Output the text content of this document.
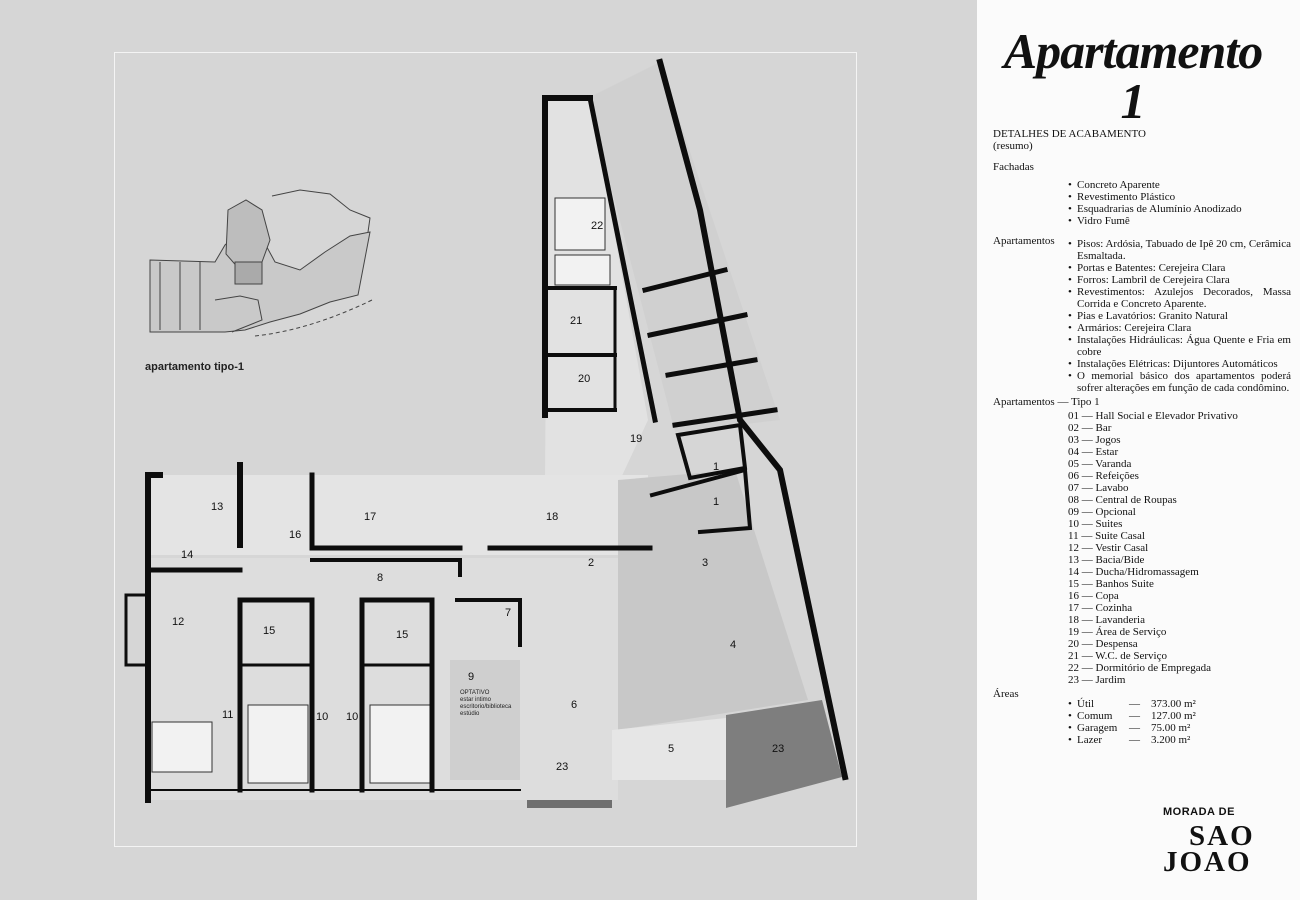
1
1
2	3
4
5
6
7
8
9
10 10
11
12
13
14
15	15
16
17	18
19
20
21
22
23
23
OPTATIVO
estar intimo
escritorio/biblioteca
estúdio
apartamento tipo-1
Apartamento
1
DETALHES DE ACABAMENTO
(resumo)
Fachadas
• Concreto Aparente
• Revestimento Plástico
• Esquadrarias de Alumínio Anodizado
• Vidro Fumê
Apartamentos	• Pisos: Ardósia, Tabuado de Ipê 20 cm, Cerâmica Esmaltada.
• Portas e Batentes: Cerejeira Clara
• Forros: Lambril de Cerejeira Clara
• Revestimentos: Azulejos Decorados, Massa Corrida e Concreto Aparente.
• Pias e Lavatórios: Granito Natural
• Armários: Cerejeira Clara
• Instalações Hidráulicas: Água Quente e Fria em cobre
• Instalações Elétricas: Dijuntores Automáticos
• O memorial básico dos apartamentos poderá sofrer alterações em função de cada condômino.
Apartamentos — Tipo 1
01 — Hall Social e Elevador Privativo
02 — Bar
03 — Jogos
04 — Estar
05 — Varanda
06 — Refeições
07 — Lavabo
08 — Central de Roupas
09 — Opcional
10 — Suites
11 — Suite Casal
12 — Vestir Casal
13 — Bacia/Bide
14 — Ducha/Hidromassagem
15 — Banhos Suite
16 — Copa
17 — Cozinha
18 — Lavanderia
19 — Área de Serviço
20 — Despensa
21 — W.C. de Serviço
22 — Dormitório de Empregada
23 — Jardim
Áreas
• Útil	—	373.00 m²
• Comum	—	127.00 m²
• Garagem	—	75.00 m²
• Lazer	—	3.200 m²
MORADA DE
SAO
JOAO
